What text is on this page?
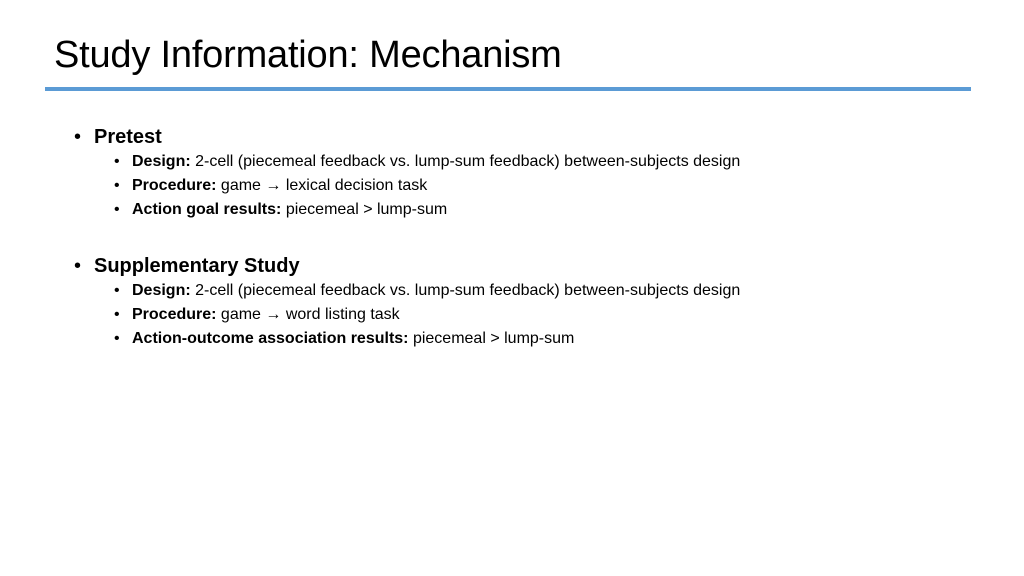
Study Information: Mechanism
• Pretest
• Design: 2-cell (piecemeal feedback vs. lump-sum feedback) between-subjects design
• Procedure: game → lexical decision task
• Action goal results: piecemeal > lump-sum
• Supplementary Study
• Design: 2-cell (piecemeal feedback vs. lump-sum feedback) between-subjects design
• Procedure: game → word listing task
• Action-outcome association results: piecemeal > lump-sum
